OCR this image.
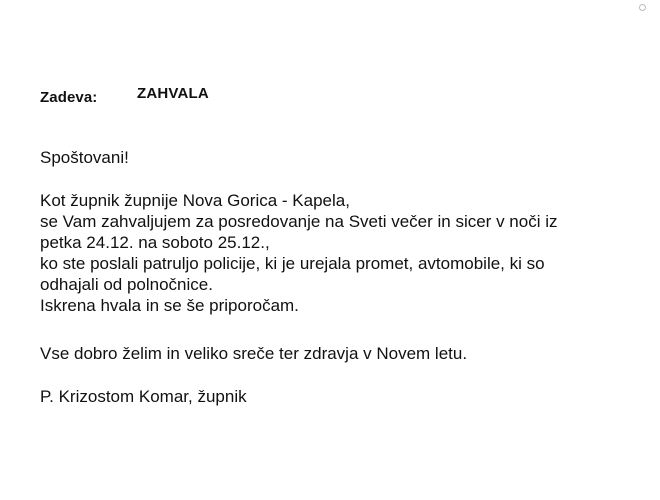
Zadeva:	ZAHVALA
Spoštovani!
Kot župnik župnije Nova Gorica - Kapela,
se Vam zahvaljujem za posredovanje na Sveti večer in sicer v noči iz
petka 24.12. na soboto 25.12.,
ko ste poslali patruljo policije, ki je urejala promet, avtomobile, ki so
odhajali od polnočnice.
Iskrena hvala in se še priporočam.
Vse dobro želim in veliko sreče ter zdravja v Novem letu.
P. Krizostom Komar, župnik
